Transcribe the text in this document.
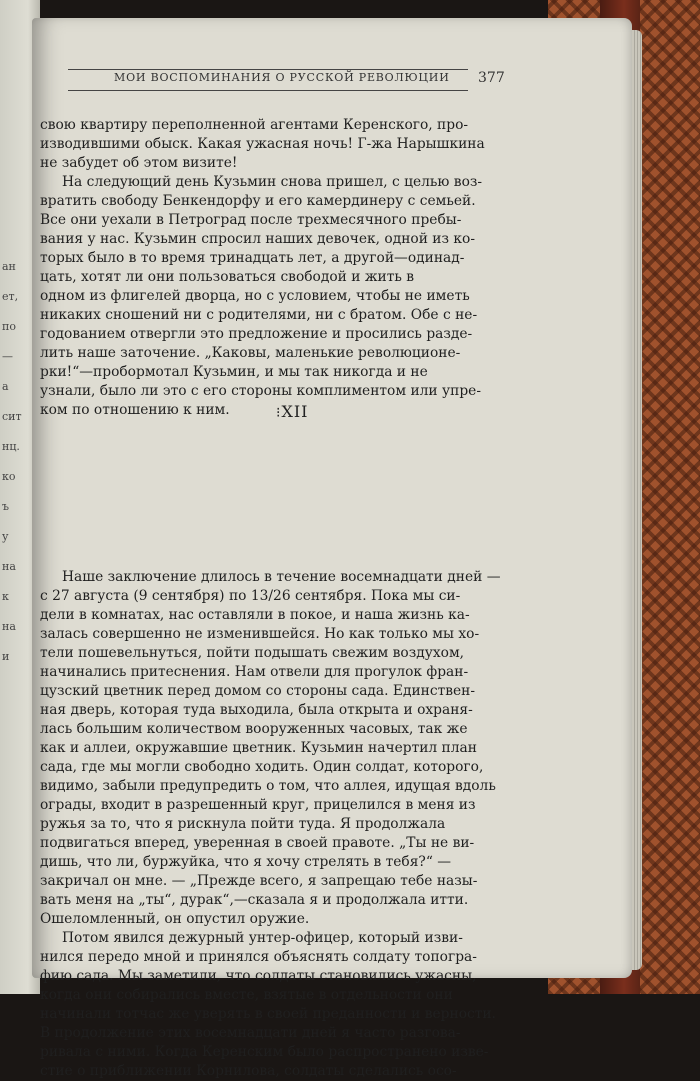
ан
ет,
по
—
а
сит
нц.
ко
ъ
у
на
к
на
и
МОИ ВОСПОМИНАНИЯ О РУССКОЙ РЕВОЛЮЦИИ 377
свою квартиру переполненной агентами Керенского, про-
изводившими обыск. Какая ужасная ночь! Г-жа Нарышкина
не забудет об этом визите!
На следующий день Кузьмин снова пришел, с целью воз-
вратить свободу Бенкендорфу и его камердинеру с семьей.
Все они уехали в Петроград после трехмесячного пребы-
вания у нас. Кузьмин спросил наших девочек, одной из ко-
торых было в то время тринадцать лет, а другой—одинад-
цать, хотят ли они пользоваться свободой и жить в
одном из флигелей дворца, но с условием, чтобы не иметь
никаких сношений ни с родителями, ни с братом. Обе с не-
годованием отвергли это предложение и просились разде-
лить наше заточение. „Каковы, маленькие революционе-
рки!“—пробормотал Кузьмин, и мы так никогда и не
узнали, было ли это с его стороны комплиментом или упре-
ком по отношению к ним.
Наше заключение длилось в течение восемнадцати дней —
с 27 августа (9 сентября) по 13/26 сентября. Пока мы си-
дели в комнатах, нас оставляли в покое, и наша жизнь ка-
залась совершенно не изменившейся. Но как только мы хо-
тели пошевельнуться, пойти подышать свежим воздухом,
начинались притеснения. Нам отвели для прогулок фран-
цузский цветник перед домом со стороны сада. Единствен-
ная дверь, которая туда выходила, была открыта и охраня-
лась большим количеством вооруженных часовых, так же
как и аллеи, окружавшие цветник. Кузьмин начертил план
сада, где мы могли свободно ходить. Один солдат, которого,
видимо, забыли предупредить о том, что аллея, идущая вдоль
ограды, входит в разрешенный круг, прицелился в меня из
ружья за то, что я рискнула пойти туда. Я продолжала
подвигаться вперед, уверенная в своей правоте. „Ты не ви-
дишь, что ли, буржуйка, что я хочу стрелять в тебя?“ —
закричал он мне. — „Прежде всего, я запрещаю тебе назы-
вать меня на „ты“, дурак“,—сказала я и продолжала итти.
Ошеломленный, он опустил оружие.
Потом явился дежурный унтер-офицер, который изви-
нился передо мной и принялся объяснять солдату топогра-
фию сада. Мы заметили, что солдаты становились ужасны,
когда они собирались вместе, взятые в отдельности они
начинали тотчас же уверять в своей преданности и верности.
В продолжение этих восемнадцати дней я часто разгова-
ривала с ними. Когда Керенским было распространено изве-
стие о приближении Корнилова, солдаты сделались осо-
⁝XII
